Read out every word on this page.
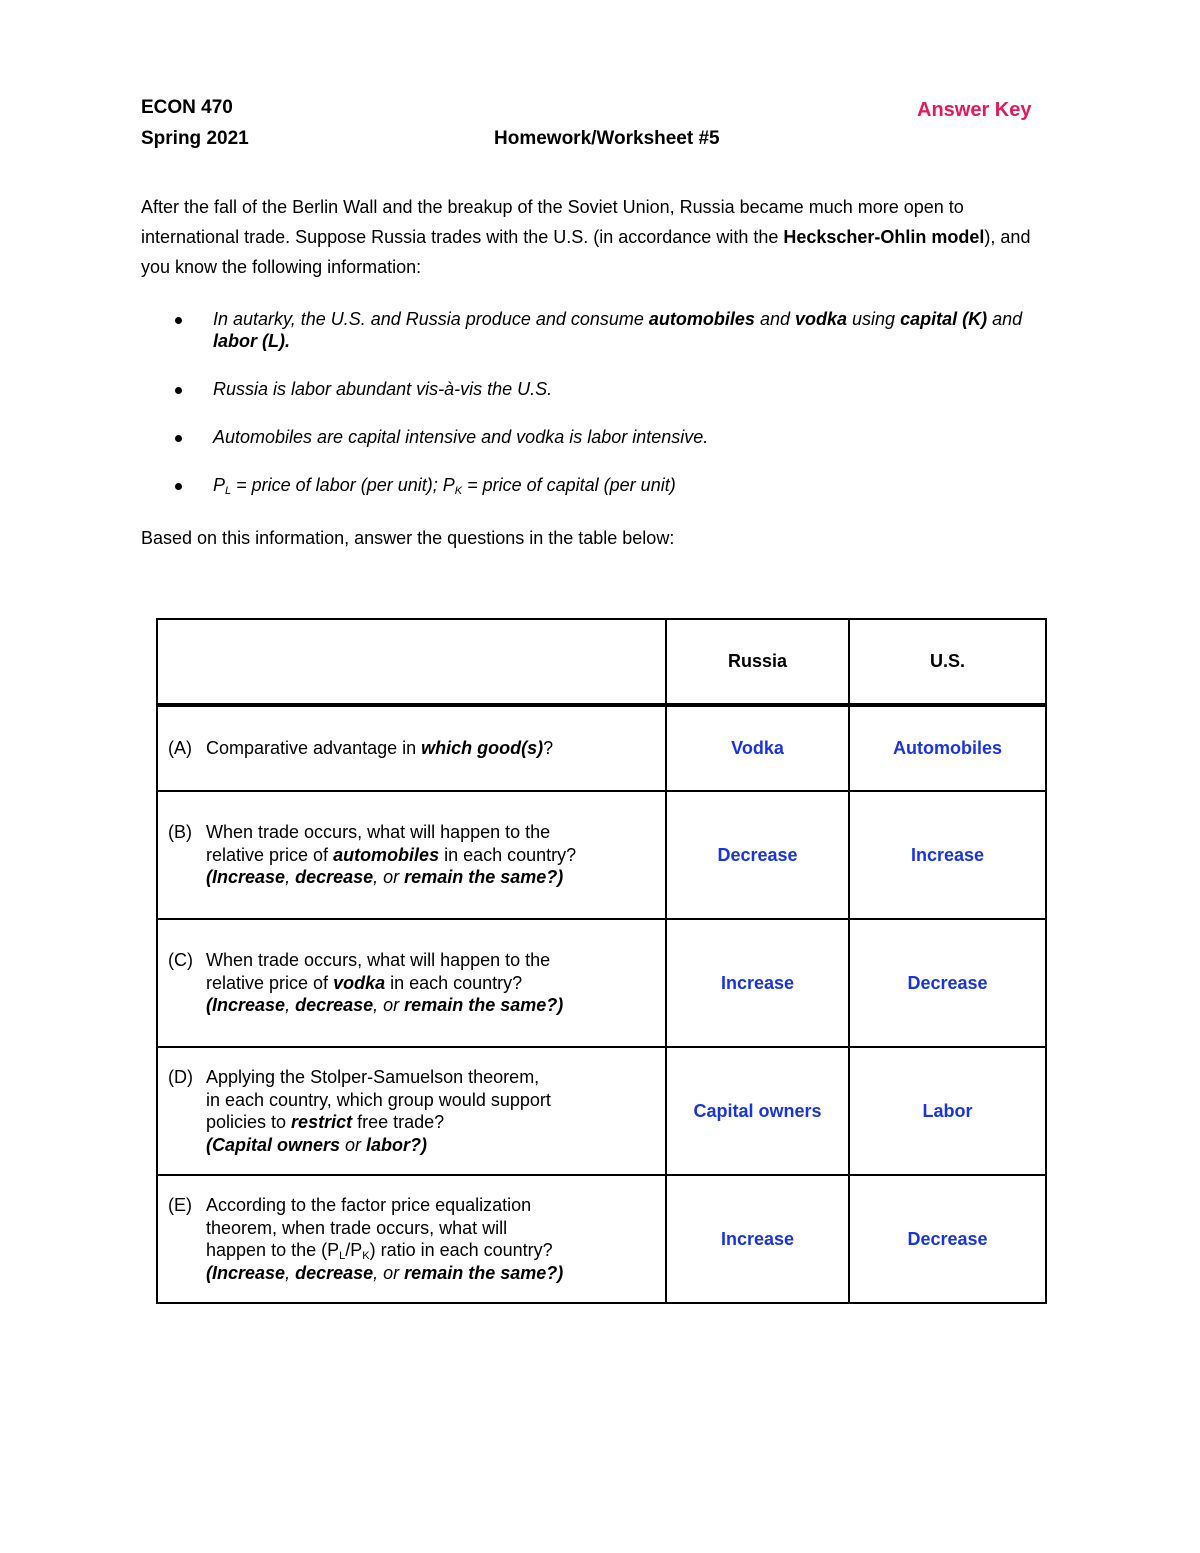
ECON 470
Spring 2021	Homework/Worksheet #5
Answer Key
After the fall of the Berlin Wall and the breakup of the Soviet Union, Russia became much more open to international trade. Suppose Russia trades with the U.S. (in accordance with the Heckscher-Ohlin model), and you know the following information:
In autarky, the U.S. and Russia produce and consume automobiles and vodka using capital (K) and labor (L).
Russia is labor abundant vis-à-vis the U.S.
Automobiles are capital intensive and vodka is labor intensive.
$P_L$ = price of labor (per unit); $P_K$ = price of capital (per unit)
Based on this information, answer the questions in the table below:
	Russia	U.S.

(A) Comparative advantage in which good(s)?	Vodka	Automobiles

(B) When trade occurs, what will happen to the
relative price of automobiles in each country?
(Increase, decrease, or remain the same?)	Decrease	Increase

(C) When trade occurs, what will happen to the
relative price of vodka in each country?
(Increase, decrease, or remain the same?)	Increase	Decrease

(D) Applying the Stolper-Samuelson theorem,
in each country, which group would support
policies to restrict free trade?
(Capital owners or labor?)	Capital owners	Labor

(E) According to the factor price equalization
theorem, when trade occurs, what will
happen to the $(P_L/P_K)$ ratio in each country?
(Increase, decrease, or remain the same?)	Increase	Decrease
